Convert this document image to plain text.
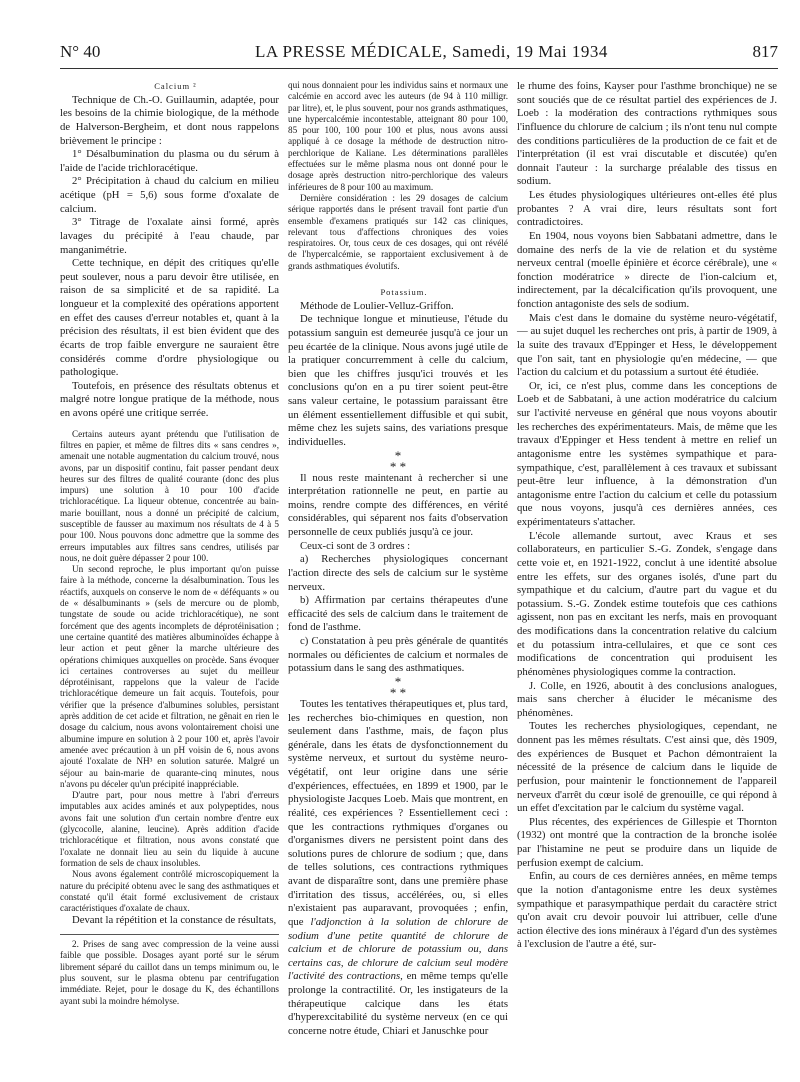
N° 40	LA PRESSE MÉDICALE, Samedi, 19 Mai 1934	817

Calcium ²

Technique de Ch.-O. Guillaumin, adaptée, pour les besoins de la chimie biologique, de la méthode de Halverson-Bergheim, et dont nous rappelons brièvement le principe :

1° Désalbumination du plasma ou du sérum à l'aide de l'acide trichloracétique.

2° Précipitation à chaud du calcium en milieu acétique (pH = 5,6) sous forme d'oxalate de calcium.

3° Titrage de l'oxalate ainsi formé, après lavages du précipité à l'eau chaude, par manganimétrie.

Cette technique, en dépit des critiques qu'elle peut soulever, nous a paru devoir être utilisée, en raison de sa simplicité et de sa rapidité. La longueur et la complexité des opérations apportent en effet des causes d'erreur notables et, quant à la précision des résultats, il est bien évident que des écarts de trop faible envergure ne sauraient être considérés comme d'ordre physiologique ou pathologique.

Toutefois, en présence des résultats obtenus et malgré notre longue pratique de la méthode, nous en avons opéré une critique serrée.

Certains auteurs ayant prétendu que l'utilisation de filtres en papier, et même de filtres dits « sans cendres », amenait une notable augmentation du calcium trouvé, nous avons, par un dispositif continu, fait passer pendant deux heures sur des filtres de qualité courante (donc des plus impurs) une solution à 10 pour 100 d'acide trichloracétique. La liqueur obtenue, concentrée au bain-marie bouillant, nous a donné un précipité de calcium, susceptible de fausser au maximum nos résultats de 4 à 5 pour 100. Nous pouvons donc admettre que la somme des erreurs imputables aux filtres sans cendres, utilisés par nous, ne doit guère dépasser 2 pour 100.

Un second reproche, le plus important qu'on puisse faire à la méthode, concerne la désalbumination. Tous les réactifs, auxquels on conserve le nom de « déféquants » ou de « désalbuminants » (sels de mercure ou de plomb, tungstate de soude ou acide trichloracétique), ne sont forcément que des agents incomplets de déprotéinisation ; une certaine quantité des matières albuminoïdes échappe à leur action et peut gêner la marche ultérieure des opérations chimiques auxquelles on procède. Sans évoquer ici certaines controverses au sujet du meilleur déprotéinisant, rappelons que la valeur de l'acide trichloracétique demeure un fait acquis. Toutefois, pour vérifier que la présence d'albumines solubles, persistant après addition de cet acide et filtration, ne gênait en rien le dosage du calcium, nous avons volontairement choisi une albumine impure en solution à 2 pour 100 et, après l'avoir amenée avec précaution à un pH voisin de 6, nous avons ajouté l'oxalate de NH³ en solution saturée. Malgré un séjour au bain-marie de quarante-cinq minutes, nous n'avons pu déceler qu'un précipité inappréciable.

D'autre part, pour nous mettre à l'abri d'erreurs imputables aux acides aminés et aux polypeptides, nous avons fait une solution d'un certain nombre d'entre eux (glycocolle, alanine, leucine). Après addition d'acide trichloracétique et filtration, nous avons constaté que l'oxalate ne donnait lieu au sein du liquide à aucune formation de sels de chaux insolubles.

Nous avons également contrôlé microscopiquement la nature du précipité obtenu avec le sang des asthmatiques et constaté qu'il était formé exclusivement de cristaux caractéristiques d'oxalate de chaux.

Devant la répétition et la constance de résultats,

2. Prises de sang avec compression de la veine aussi faible que possible. Dosages ayant porté sur le sérum librement séparé du caillot dans un temps minimum ou, le plus souvent, sur le plasma obtenu par centrifugation immédiate. Rejet, pour le dosage du K, des échantillons ayant subi la moindre hémolyse.

qui nous donnaient pour les individus sains et normaux une calcémie en accord avec les auteurs (de 94 à 110 milligr. par litre), et, le plus souvent, pour nos grands asthmatiques, une hypercalcémie incontestable, atteignant 80 pour 100, 85 pour 100, 100 pour 100 et plus, nous avons aussi appliqué à ce dosage la méthode de destruction nitro-perchlorique de Kaliane. Les déterminations parallèles effectuées sur le même plasma nous ont donné pour le dosage après destruction nitro-perchlorique des valeurs inférieures de 8 pour 100 au maximum.

Dernière considération : les 29 dosages de calcium sérique rapportés dans le présent travail font partie d'un ensemble d'examens pratiqués sur 142 cas cliniques, relevant tous d'affections chroniques des voies respiratoires. Or, tous ceux de ces dosages, qui ont révélé de l'hypercalcémie, se rapportaient exclusivement à de grands asthmatiques évolutifs.

Potassium.

Méthode de Loulier-Velluz-Griffon.

De technique longue et minutieuse, l'étude du potassium sanguin est demeurée jusqu'à ce jour un peu écartée de la clinique. Nous avons jugé utile de la pratiquer concurremment à celle du calcium, bien que les chiffres jusqu'ici trouvés et les conclusions qu'on en a pu tirer soient peut-être sans valeur certaine, le potassium paraissant être un élément essentiellement diffusible et qui subit, même chez les sujets sains, des variations presque individuelles.

*
* *

Il nous reste maintenant à rechercher si une interprétation rationnelle ne peut, en partie au moins, rendre compte des différences, en vérité considérables, qui séparent nos faits d'observation personnelle de ceux publiés jusqu'à ce jour.

Ceux-ci sont de 3 ordres :

a) Recherches physiologiques concernant l'action directe des sels de calcium sur le système nerveux.

b) Affirmation par certains thérapeutes d'une efficacité des sels de calcium dans le traitement de fond de l'asthme.

c) Constatation à peu près générale de quantités normales ou déficientes de calcium et normales de potassium dans le sang des asthmatiques.

*
* *

Toutes les tentatives thérapeutiques et, plus tard, les recherches bio-chimiques en question, non seulement dans l'asthme, mais, de façon plus générale, dans les états de dysfonctionnement du système nerveux, et surtout du système neuro-végétatif, ont leur origine dans une série d'expériences, effectuées, en 1899 et 1900, par le physiologiste Jacques Loeb. Mais que montrent, en réalité, ces expériences ? Essentiellement ceci : que les contractions rythmiques d'organes ou d'organismes divers ne persistent point dans des solutions pures de chlorure de sodium ; que, dans de telles solutions, ces contractions rythmiques avant de disparaître sont, dans une première phase d'irritation des tissus, accélérées, ou, si elles n'existaient pas auparavant, provoquées ; enfin, que l'adjonction à la solution de chlorure de sodium d'une petite quantité de chlorure de calcium et de chlorure de potassium ou, dans certains cas, de chlorure de calcium seul modère l'activité des contractions, en même temps qu'elle prolonge la contractilité. Or, les instigateurs de la thérapeutique calcique dans les états d'hyperexcitabilité du système nerveux (en ce qui concerne notre étude, Chiari et Januschke pour

le rhume des foins, Kayser pour l'asthme bronchique) ne se sont souciés que de ce résultat partiel des expériences de J. Loeb : la modération des contractions rythmiques sous l'influence du chlorure de calcium ; ils n'ont tenu nul compte des conditions particulières de la production de ce fait et de l'interprétation (il est vrai discutable et discutée) qu'en donnait l'auteur : la surcharge préalable des tissus en sodium.

Les études physiologiques ultérieures ont-elles été plus probantes ? A vrai dire, leurs résultats sont fort contradictoires.

En 1904, nous voyons bien Sabbatani admettre, dans le domaine des nerfs de la vie de relation et du système nerveux central (moelle épinière et écorce cérébrale), une « fonction modératrice » directe de l'ion-calcium et, indirectement, par la décalcification qu'ils provoquent, une fonction antagoniste des sels de sodium.

Mais c'est dans le domaine du système neuro-végétatif, — au sujet duquel les recherches ont pris, à partir de 1909, à la suite des travaux d'Eppinger et Hess, le développement que l'on sait, tant en physiologie qu'en médecine, — que l'action du calcium et du potassium a surtout été étudiée.

Or, ici, ce n'est plus, comme dans les conceptions de Loeb et de Sabbatani, à une action modératrice du calcium sur l'activité nerveuse en général que nous voyons aboutir les recherches des expérimentateurs. Mais, de même que les travaux d'Eppinger et Hess tendent à mettre en relief un antagonisme entre les systèmes sympathique et para-sympathique, c'est, parallèlement à ces travaux et subissant peut-être leur influence, à la démonstration d'un antagonisme entre l'action du calcium et celle du potassium que nous voyons, jusqu'à ces dernières années, ces expérimentateurs s'attacher.

L'école allemande surtout, avec Kraus et ses collaborateurs, en particulier S.-G. Zondek, s'engage dans cette voie et, en 1921-1922, conclut à une identité absolue entre les effets, sur des organes isolés, d'une part du sympathique et du calcium, d'autre part du vague et du potassium. S.-G. Zondek estime toutefois que ces cathions agissent, non pas en excitant les nerfs, mais en provoquant des modifications dans la concentration relative du calcium et du potassium intra-cellulaires, et que ce sont ces modifications de concentration qui produisent les phénomènes physiologiques comme la contraction.

J. Colle, en 1926, aboutit à des conclusions analogues, mais sans chercher à élucider le mécanisme des phénomènes.

Toutes les recherches physiologiques, cependant, ne donnent pas les mêmes résultats. C'est ainsi que, dès 1909, des expériences de Busquet et Pachon démontraient la nécessité de la présence de calcium dans le liquide de perfusion, pour maintenir le fonctionnement de l'appareil nerveux d'arrêt du cœur isolé de grenouille, ce qui répond à un effet d'excitation par le calcium du système vagal.

Plus récentes, des expériences de Gillespie et Thornton (1932) ont montré que la contraction de la bronche isolée par l'histamine ne peut se produire dans un liquide de perfusion exempt de calcium.

Enfin, au cours de ces dernières années, en même temps que la notion d'antagonisme entre les deux systèmes sympathique et parasympathique perdait du caractère strict qu'on avait cru devoir pouvoir lui attribuer, celle d'une action élective des ions minéraux à l'égard d'un des systèmes à l'exclusion de l'autre a été, sur-
